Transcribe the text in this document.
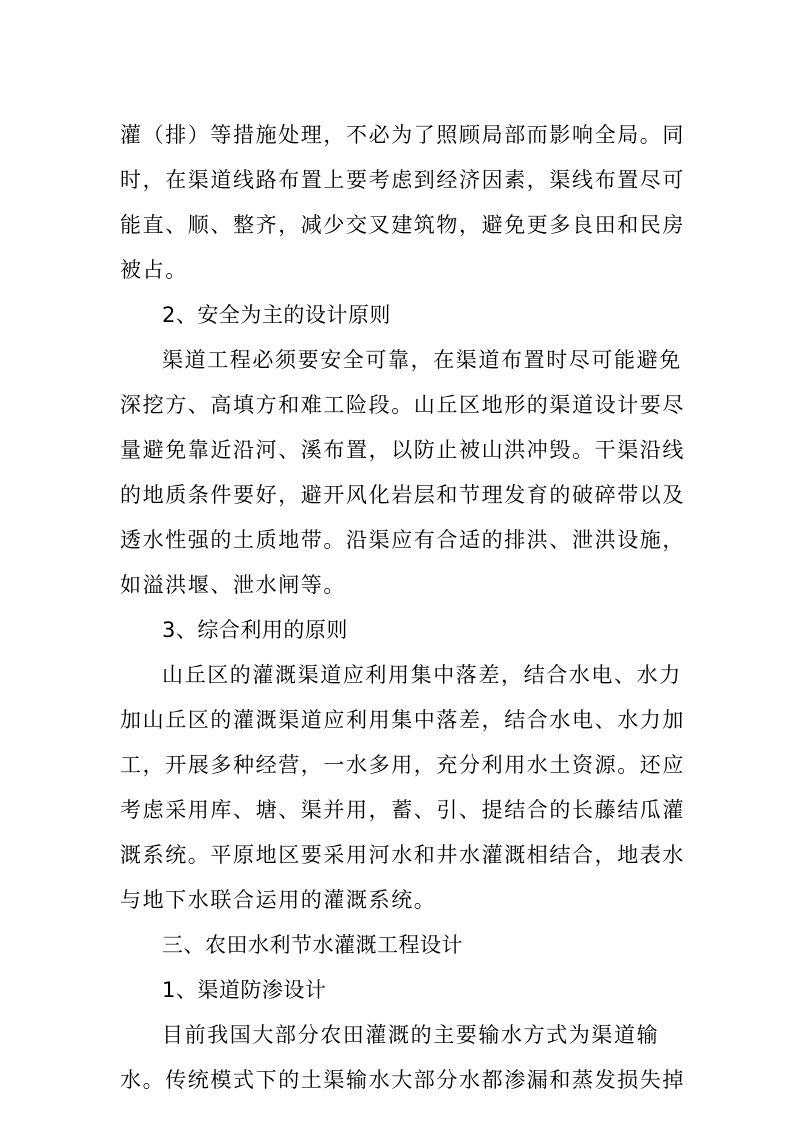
灌（排）等措施处理，不必为了照顾局部而影响全局。同
时，在渠道线路布置上要考虑到经济因素，渠线布置尽可
能直、顺、整齐，减少交叉建筑物，避免更多良田和民房
被占。
2、安全为主的设计原则
渠道工程必须要安全可靠，在渠道布置时尽可能避免
深挖方、高填方和难工险段。山丘区地形的渠道设计要尽
量避免靠近沿河、溪布置，以防止被山洪冲毁。干渠沿线
的地质条件要好，避开风化岩层和节理发育的破碎带以及
透水性强的土质地带。沿渠应有合适的排洪、泄洪设施，
如溢洪堰、泄水闸等。
3、综合利用的原则
山丘区的灌溉渠道应利用集中落差，结合水电、水力
加山丘区的灌溉渠道应利用集中落差，结合水电、水力加
工，开展多种经营，一水多用，充分利用水土资源。还应
考虑采用库、塘、渠并用，蓄、引、提结合的长藤结瓜灌
溉系统。平原地区要采用河水和井水灌溉相结合，地表水
与地下水联合运用的灌溉系统。
三、农田水利节水灌溉工程设计
1、渠道防渗设计
目前我国大部分农田灌溉的主要输水方式为渠道输
水。传统模式下的土渠输水大部分水都渗漏和蒸发损失掉
